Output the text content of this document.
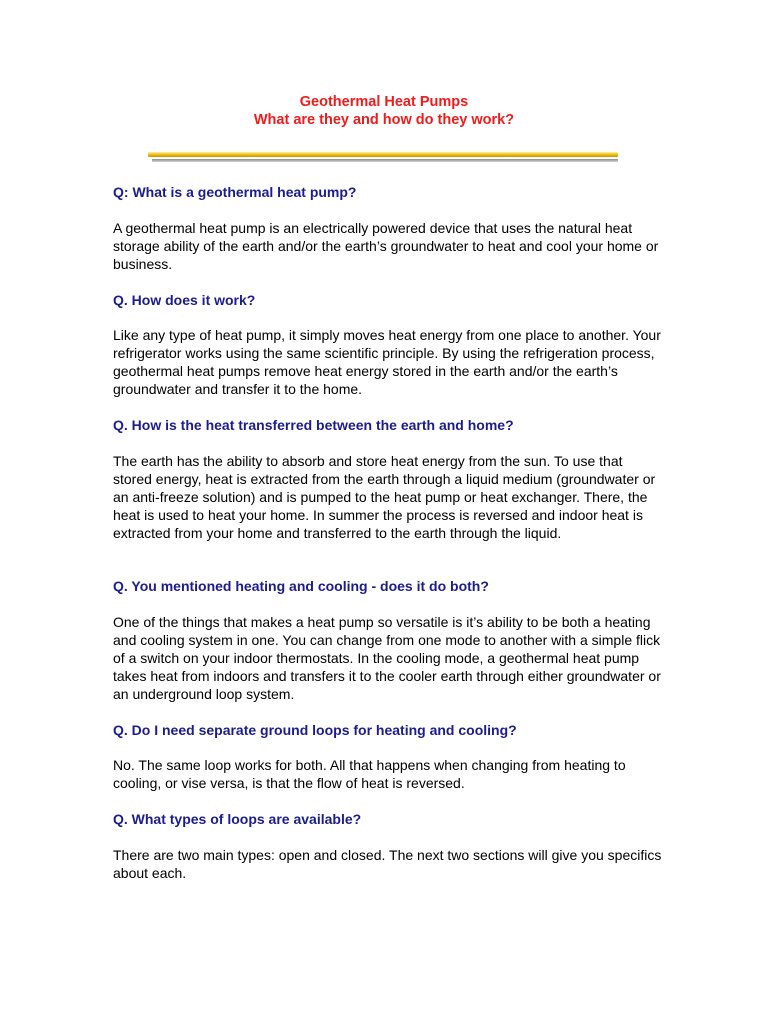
Geothermal Heat Pumps
What are they and how do they work?

Q: What is a geothermal heat pump?

A geothermal heat pump is an electrically powered device that uses the natural heat storage ability of the earth and/or the earth’s groundwater to heat and cool your home or business.

Q. How does it work?

Like any type of heat pump, it simply moves heat energy from one place to another. Your refrigerator works using the same scientific principle. By using the refrigeration process, geothermal heat pumps remove heat energy stored in the earth and/or the earth’s groundwater and transfer it to the home.

Q. How is the heat transferred between the earth and home?

The earth has the ability to absorb and store heat energy from the sun. To use that stored energy, heat is extracted from the earth through a liquid medium (groundwater or an anti-freeze solution) and is pumped to the heat pump or heat exchanger. There, the heat is used to heat your home. In summer the process is reversed and indoor heat is extracted from your home and transferred to the earth through the liquid.

Q. You mentioned heating and cooling - does it do both?

One of the things that makes a heat pump so versatile is it’s ability to be both a heating and cooling system in one. You can change from one mode to another with a simple flick of a switch on your indoor thermostats. In the cooling mode, a geothermal heat pump takes heat from indoors and transfers it to the cooler earth through either groundwater or an underground loop system.

Q. Do I need separate ground loops for heating and cooling?

No. The same loop works for both. All that happens when changing from heating to cooling, or vise versa, is that the flow of heat is reversed.

Q. What types of loops are available?

There are two main types: open and closed. The next two sections will give you specifics about each.
